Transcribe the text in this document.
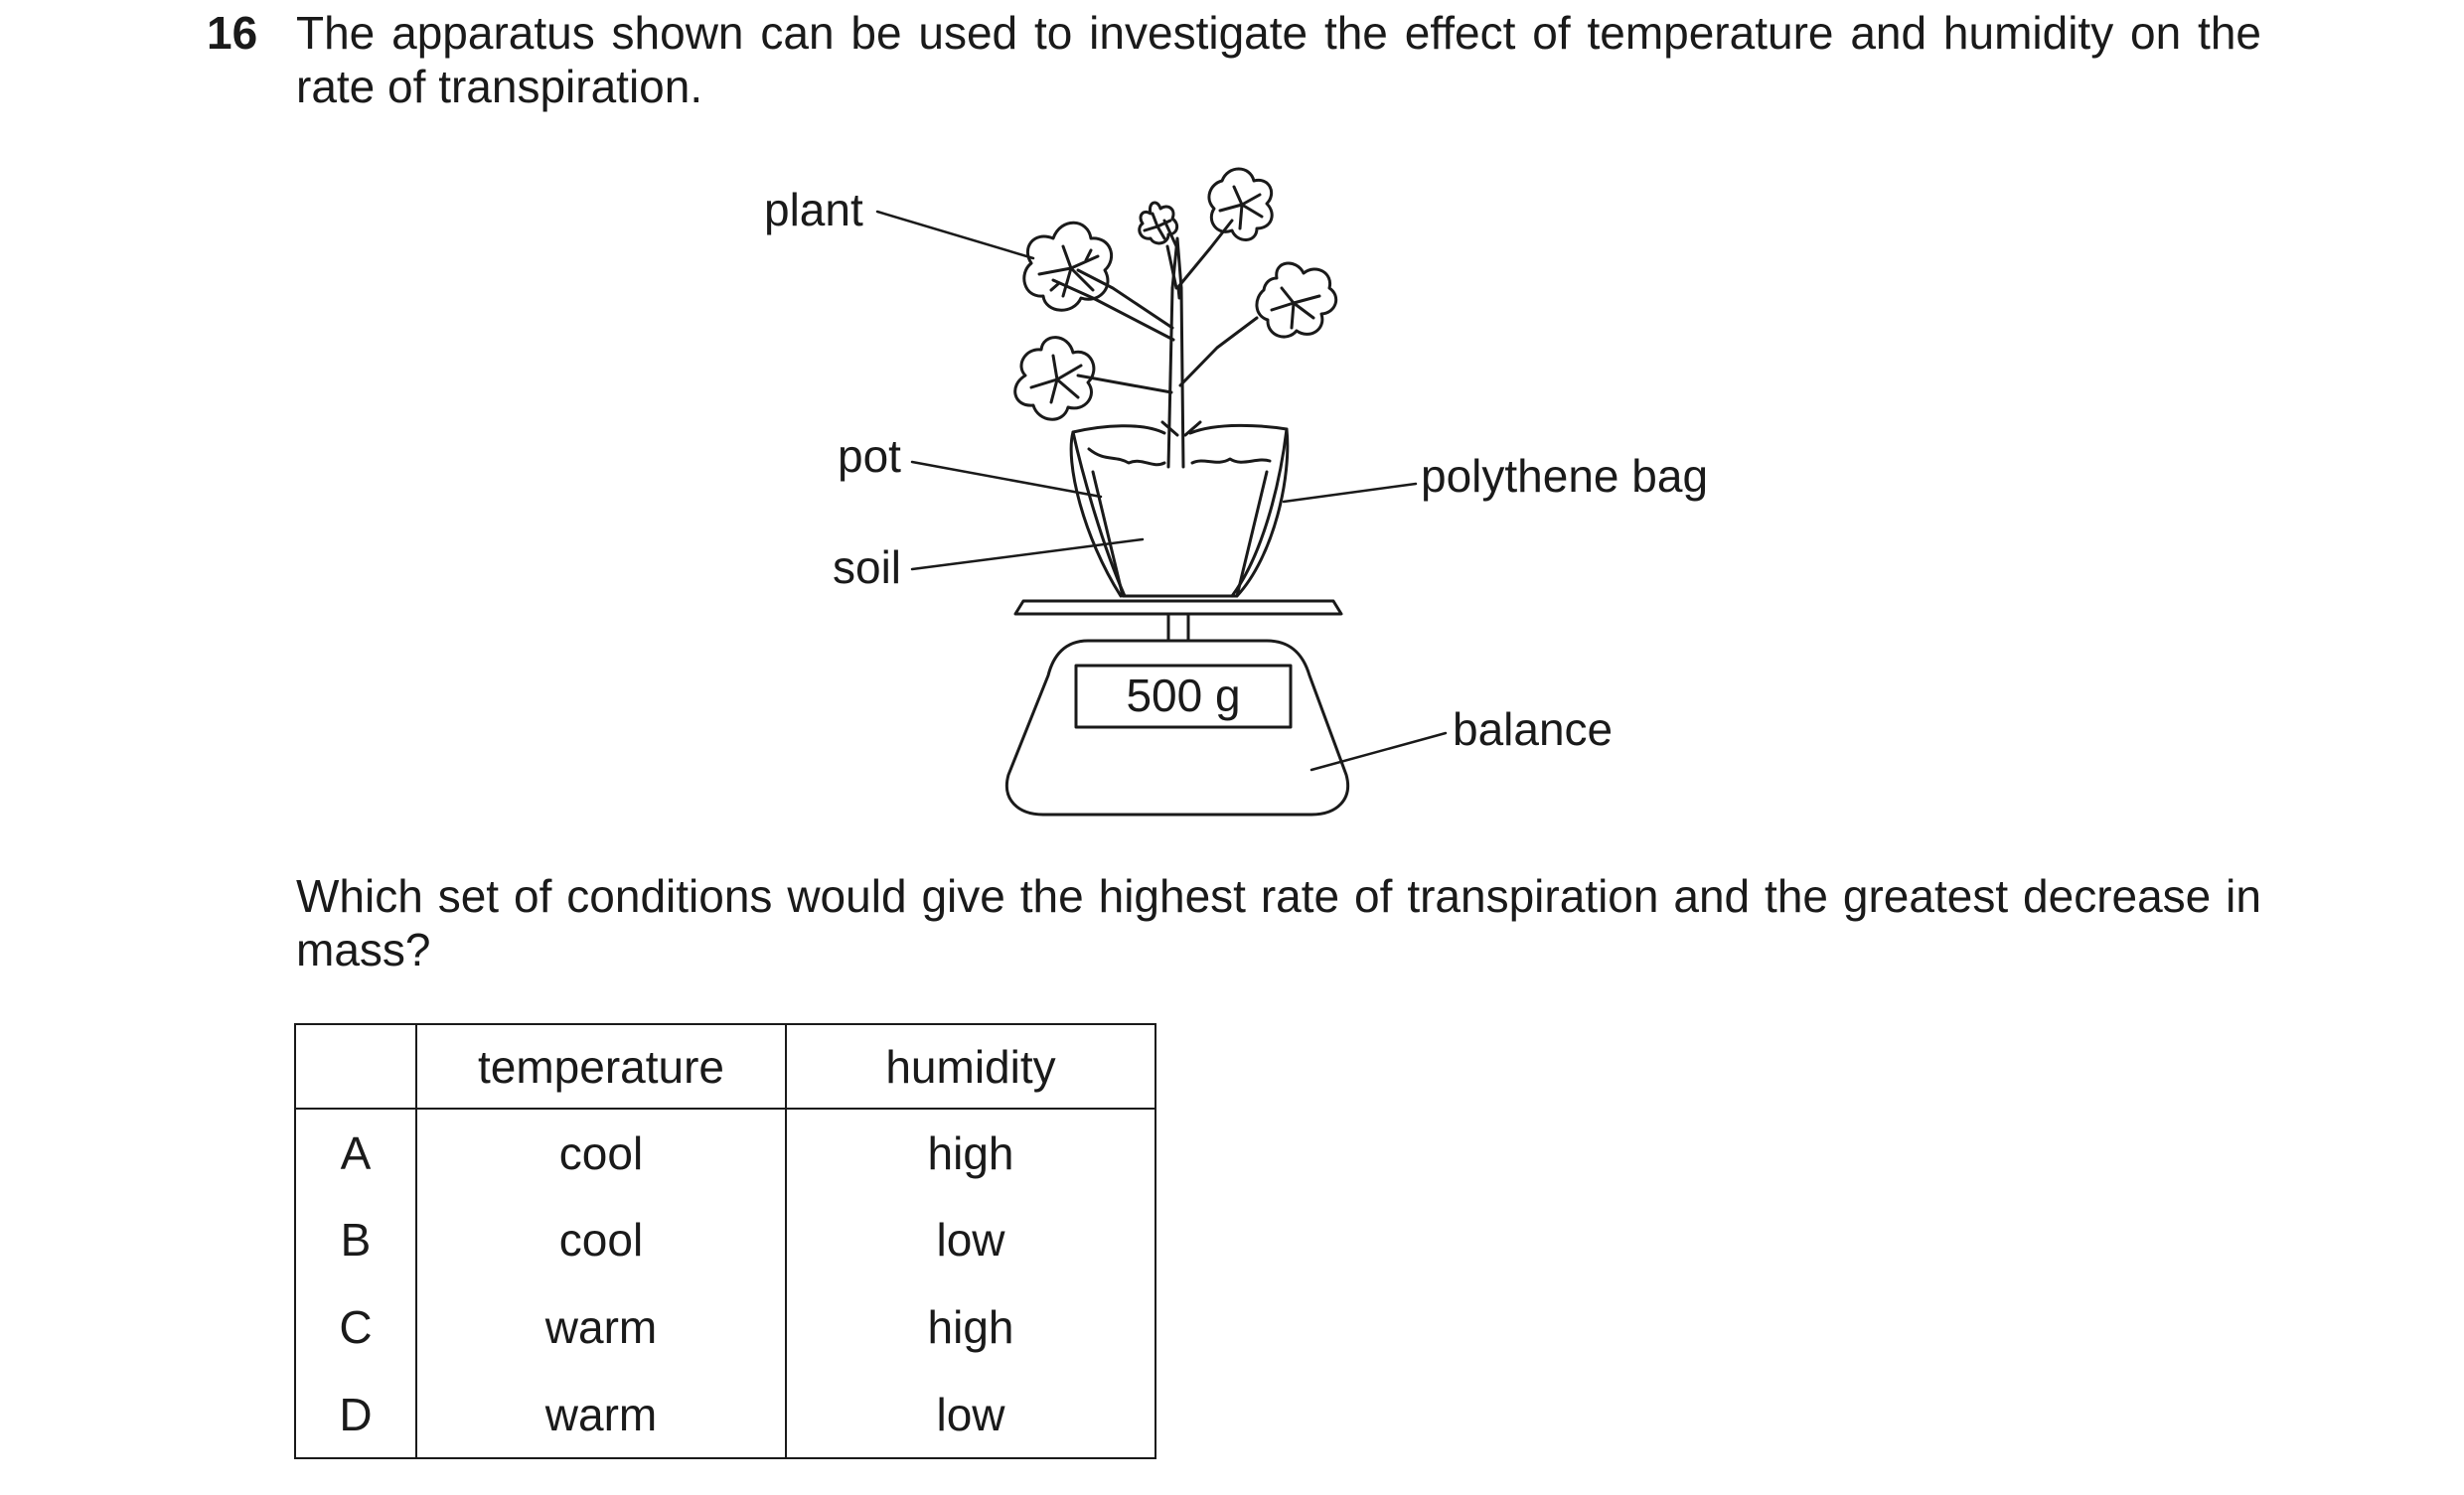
16 The apparatus shown can be used to investigate the effect of temperature and humidity on the rate of transpiration.
plant
pot
soil
polythene bag
balance
500 g
Which set of conditions would give the highest rate of transpiration and the greatest decrease in mass?
	temperature	humidity
A	cool	high
B	cool	low
C	warm	high
D	warm	low
